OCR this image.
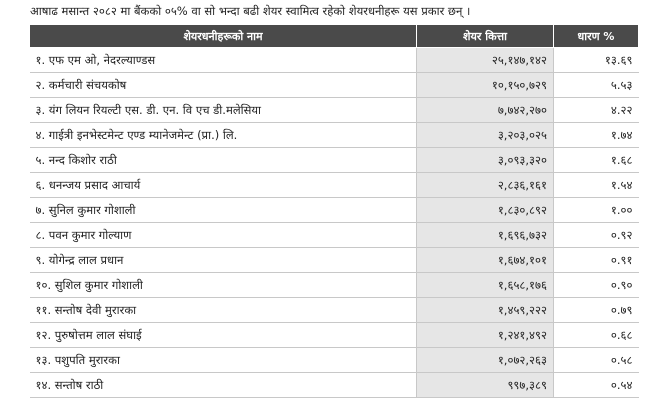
आषाढ मसान्त २०८२ मा बैंकको ०५% वा सो भन्दा बढी शेयर स्वामित्व रहेको शेयरधनीहरू यस प्रकार छन् ।
शेयरधनीहरूको नाम	शेयर कित्ता	धारण %
१. एफ एम ओ, नेदरल्याण्डस	२५,१४७,१४२	१३.६९
२. कर्मचारी संचयकोष	१०,१५०,७२९	५.५३
३. यंग लियन रियल्टी एस. डी. एन. वि एच डी.मलेसिया	७,७४२,२७०	४.२२
४. गाईत्री इनभेस्टमेन्ट एण्ड म्यानेजमेन्ट (प्रा.) लि.	३,२०३,०२५	१.७४
५. नन्द किशोर राठी	३,०९३,३२०	१.६८
६. धनन्जय प्रसाद आचार्य	२,८३६,१६१	१.५४
७. सुनिल कुमार गोशाली	१,८३०,८९२	१.००
८. पवन कुमार गोल्याण	१,६९६,७३२	०.९२
९. योगेन्द्र लाल प्रधान	१,६७४,१०१	०.९१
१०. सुशिल कुमार गोशाली	१,६५८,१७६	०.९०
११. सन्तोष देवी मुरारका	१,४५९,२२२	०.७९
१२. पुरुषोत्तम लाल संघाई	१,२४१,४९२	०.६८
१३. पशुपति मुरारका	१,०७२,२६३	०.५८
१४. सन्तोष राठी	९९७,३८९	०.५४
